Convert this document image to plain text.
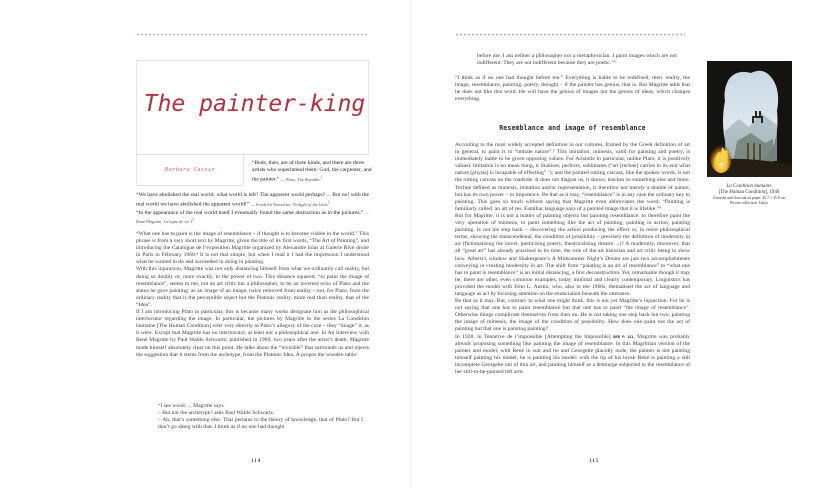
The painter-king
Barbara Cassin
“Beds, then, are of three kinds, and there are three artists who superintend them: God, the carpenter, and the painter.” — Plato, The Republic$^1$

“We have abolished the real world: what world is left? The apparent world perhaps? ... But no! with the real world we have abolished the apparent world!” — Friedrich Nietzsche, Twilight of the Idols$^2$

“In the appearance of the real world itself I eventually found the same abstraction as in the pictures.” — René Magritte, La ligne de vie $I^3$

“What one has to paint is the image of resemblance – if thought is to become visible in the world.” This phrase is from a very short text by Magritte, given the title of its first words, “The Art of Painting”, and introducing the Catalogue de l’exposition Magritte organized by Alexandre Iolas at Galerie Rive droite in Paris in February 1960.⁴ It is not that simple, but when I read it I had the impression I understood what he wanted to do and succeeded in doing in painting.

With this injunction, Magritte was not only distancing himself from what we ordinarily call reality, but doing so doubly or, more exactly, to the power of two. This distance squared, “to paint the image of resemblance”, seems to me, not an art critic but a philosopher, to be an inverted echo of Plato and the status he gave painting: as an image of an image, twice removed from reality – not, for Plato, from the ordinary reality that is the perceptible object but the Platonic reality, more real than reality, that of the “Idea”.

If I am introducing Plato in particular, this is because many works designate him as the philosophical interlocutor regarding the image. In particular, the pictures by Magritte in the series La Condition humaine [The Human Condition] refer very directly to Plato’s allegory of the cave – they “image” it, as it were. Except that Magritte has no interlocutor, at least not a philosophical one. In An Interview with René Magritte by Paul Waldo Schwartz, published in 1969, two years after the artist’s death, Magritte made himself absolutely clear on this point. He talks about the “invisible” that surrounds us and rejects the suggestion that it stems from the archetype, from the Platonic Idea. À propos the wooden table:

“I see wood ..., Magritte says.

– But not the archetype? asks Paul Waldo Schwartz.

– Ah, that’s something else. That pertains to the theory of knowledge, that of Plato? But I don’t go along with that. I think as if no one had thought

114

before me. I am neither a philosopher nor a metaphysician. I paint images which are not indifferent. They are not indifferent because they are poetic.”⁵

“I think as if no one had thought before me.” Everything is liable to be redefined, then: reality, the image, resemblance, painting, poetry, thought – if the painter has genius, that is. But Magritte adds that he does not like this word. He will have the genius of images not the genius of ideas, which changes everything.

Resemblance and image of resemblance

According to the most widely accepted definition in our cultures, framed by the Greek definition of art in general, to paint is to “imitate nature”.⁶ This imitation, mimesis, valid for painting and poetry, is immediately liable to be given opposing values. For Aristotle in particular, unlike Plato, it is positively valued. Imitation is no mean thing, it finalises, perfects, sublimates (“art [techne] carries to its end what nature [physis] is incapable of effecting” ⁷); and the painted rotting carcass, like the spoken words, is not the rotting carcass on the roadside. It does not disgust us, it shows, teaches us something else and more. Techné defined as mimesis, imitation and/or representation, is therefore not merely a double of nature, but has its own power – or impotence. Be that as it may, “resemblance” is in any case the ordinary key to painting. This goes so much without saying that Magritte even abbreviates the word: “Painting is familiarly called: an art of res. Familiar language says of a painted image that it is lifelike.”⁸

But for Magritte, it is not a matter of painting objects but painting resemblance: to therefore paint the very operation of mimesis, to paint something like the act of painting, painting in action, painting painting. Is not his step back – discovering the action producing the effect or, in more philosophical terms, showing the transcendental, the condition of possibility – precisely the definition of modernity in art (fictionalising the novel, poeticising poetry, theatricalising theatre ...)? A modernity, moreover, that all “great art” has already practised in its time, the role of the art historian and art critic being to show how. Alberti’s window and Shakespeare’s A Midsummer Night’s Dream are just two accomplishments conveying or creating modernity in art. The shift from “painting is an art of resemblance” to “what one has to paint is resemblance” is an initial distancing, a first deconstruction. Yet, remarkable though it may be, there are other, even common examples, today minimal and clearly contemporary. Linguistics has provided the model with John L. Austin, who, also in the 1960s, thematised the act of language and language as act by focusing attention on the enunciation beneath the utterance.

Be that as it may. But, contrary to what one might think, this is not yet Magritte’s injunction. For he is not saying that one has to paint resemblance but that one has to paint “the image of resemblance”. Otherwise things complicate themselves from then on. He is not taking one step back but two, painting the image of mimesis, the image of the condition of possibility. How does one paint not the act of painting but that one is painting painting?

In 1928, in Tentative de l’impossible [Attempting the Impossible] SEE P. 121, Magritte was probably already proposing something like painting the image of resemblance. In this Magrittian version of the painter and model, with René in suit and tie and Georgette placidly nude, the painter is not painting himself painting his model, he is painting his model: with the tip of his brush René is painting a still incomplete Georgette out of thin air, and painting himself as a demiurge subjected to the resemblance of her still-to-be-painted left arm.

115
La Condition humaine
[The Human Condition], 1948
Gouache and charcoal on paper, 45.7 × 35.8 cm
Private collection, Tokyo
